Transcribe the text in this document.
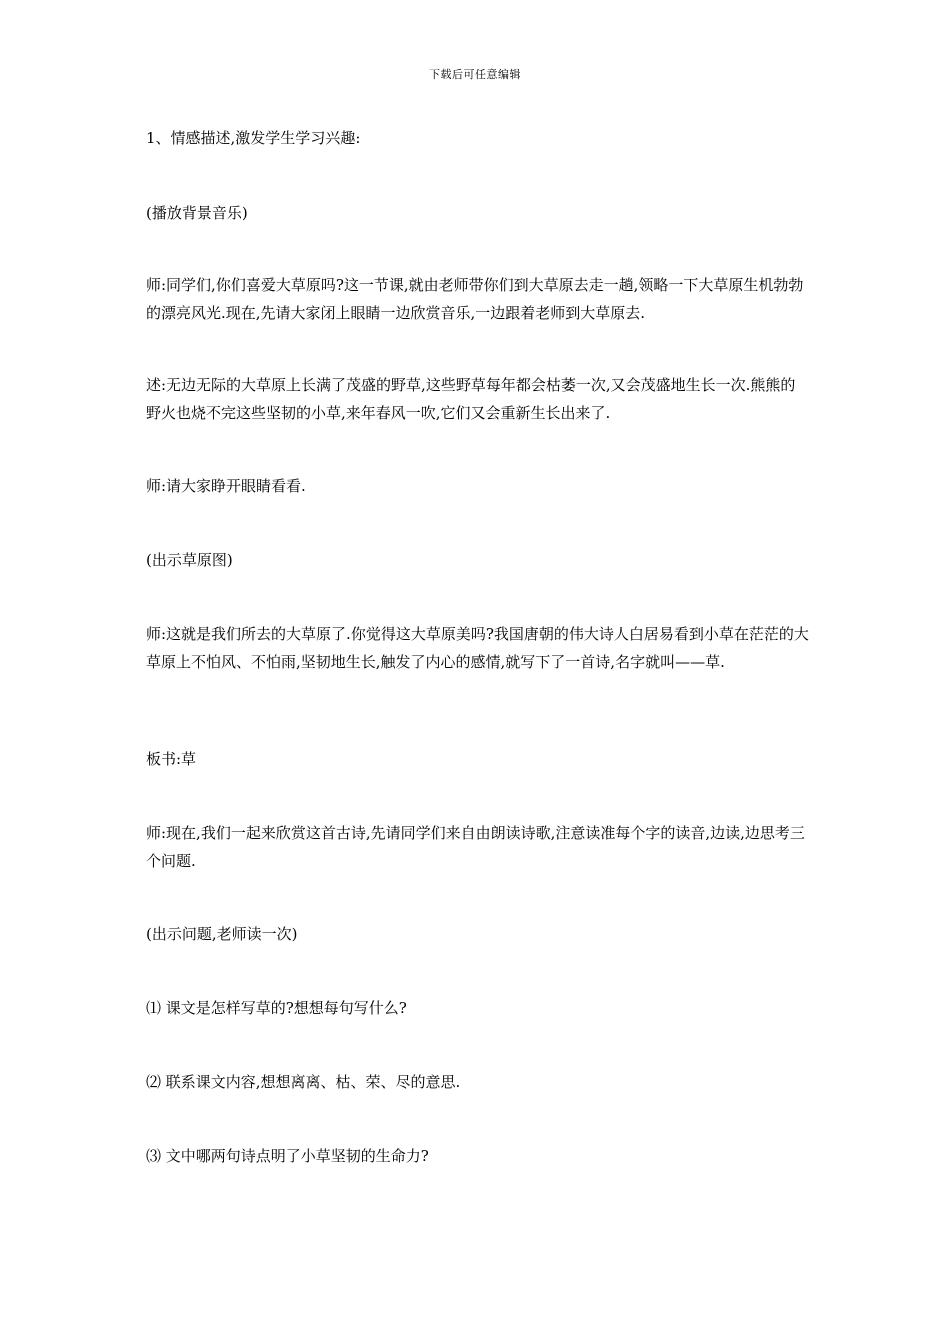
下载后可任意编辑

1、情感描述,激发学生学习兴趣:

(播放背景音乐)

师:同学们,你们喜爱大草原吗?这一节课,就由老师带你们到大草原去走一趟,领略一下大草原生机勃勃的漂亮风光.现在,先请大家闭上眼睛一边欣赏音乐,一边跟着老师到大草原去.

述:无边无际的大草原上长满了茂盛的野草,这些野草每年都会枯萎一次,又会茂盛地生长一次.熊熊的野火也烧不完这些坚韧的小草,来年春风一吹,它们又会重新生长出来了.

师:请大家睁开眼睛看看.

(出示草原图)

师:这就是我们所去的大草原了.你觉得这大草原美吗?我国唐朝的伟大诗人白居易看到小草在茫茫的大草原上不怕风、不怕雨,坚韧地生长,触发了内心的感情,就写下了一首诗,名字就叫——草.

板书:草

师:现在,我们一起来欣赏这首古诗,先请同学们来自由朗读诗歌,注意读准每个字的读音,边读,边思考三个问题.

(出示问题,老师读一次)

⑴ 课文是怎样写草的?想想每句写什么?

⑵ 联系课文内容,想想离离、枯、荣、尽的意思.

⑶ 文中哪两句诗点明了小草坚韧的生命力?
